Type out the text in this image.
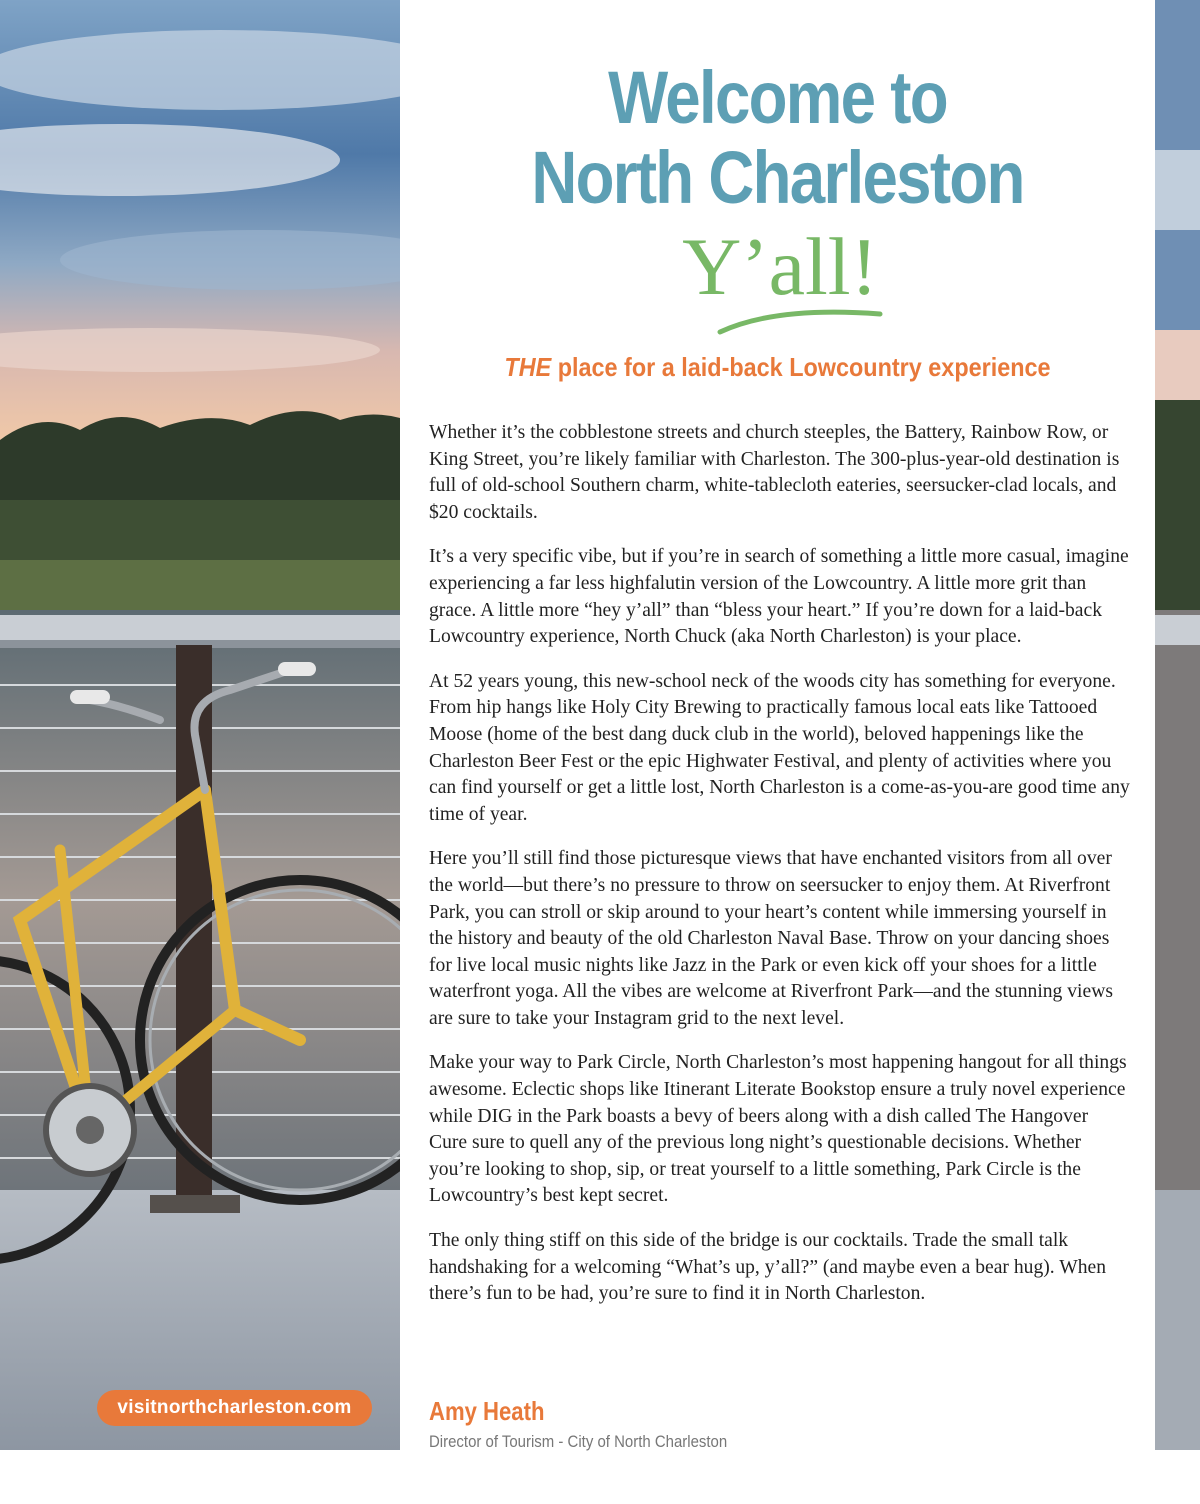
visitnorthcharleston.com
Welcome to
North Charleston
Y’all!
THE place for a laid-back Lowcountry experience

Whether it’s the cobblestone streets and church steeples, the Battery, Rainbow Row, or King Street, you’re likely familiar with Charleston. The 300-plus-year-old destination is full of old-school Southern charm, white-tablecloth eateries, seersucker-clad locals, and $20 cocktails.

It’s a very specific vibe, but if you’re in search of something a little more casual, imagine experiencing a far less highfalutin version of the Lowcountry. A little more grit than grace. A little more “hey y’all” than “bless your heart.” If you’re down for a laid-back Lowcountry experience, North Chuck (aka North Charleston) is your place.

At 52 years young, this new-school neck of the woods city has something for everyone. From hip hangs like Holy City Brewing to practically famous local eats like Tattooed Moose (home of the best dang duck club in the world), beloved happenings like the Charleston Beer Fest or the epic Highwater Festival, and plenty of activities where you can find yourself or get a little lost, North Charleston is a come-as-you-are good time any time of year.

Here you’ll still find those picturesque views that have enchanted visitors from all over the world—but there’s no pressure to throw on seersucker to enjoy them. At Riverfront Park, you can stroll or skip around to your heart’s content while immersing yourself in the history and beauty of the old Charleston Naval Base. Throw on your dancing shoes for live local music nights like Jazz in the Park or even kick off your shoes for a little waterfront yoga. All the vibes are welcome at Riverfront Park—and the stunning views are sure to take your Instagram grid to the next level.

Make your way to Park Circle, North Charleston’s most happening hangout for all things awesome. Eclectic shops like Itinerant Literate Bookstop ensure a truly novel experience while DIG in the Park boasts a bevy of beers along with a dish called The Hangover Cure sure to quell any of the previous long night’s questionable decisions. Whether you’re looking to shop, sip, or treat yourself to a little something, Park Circle is the Lowcountry’s best kept secret.

The only thing stiff on this side of the bridge is our cocktails. Trade the small talk handshaking for a welcoming “What’s up, y’all?” (and maybe even a bear hug). When there’s fun to be had, you’re sure to find it in North Charleston.

Amy Heath
Director of Tourism - City of North Charleston
